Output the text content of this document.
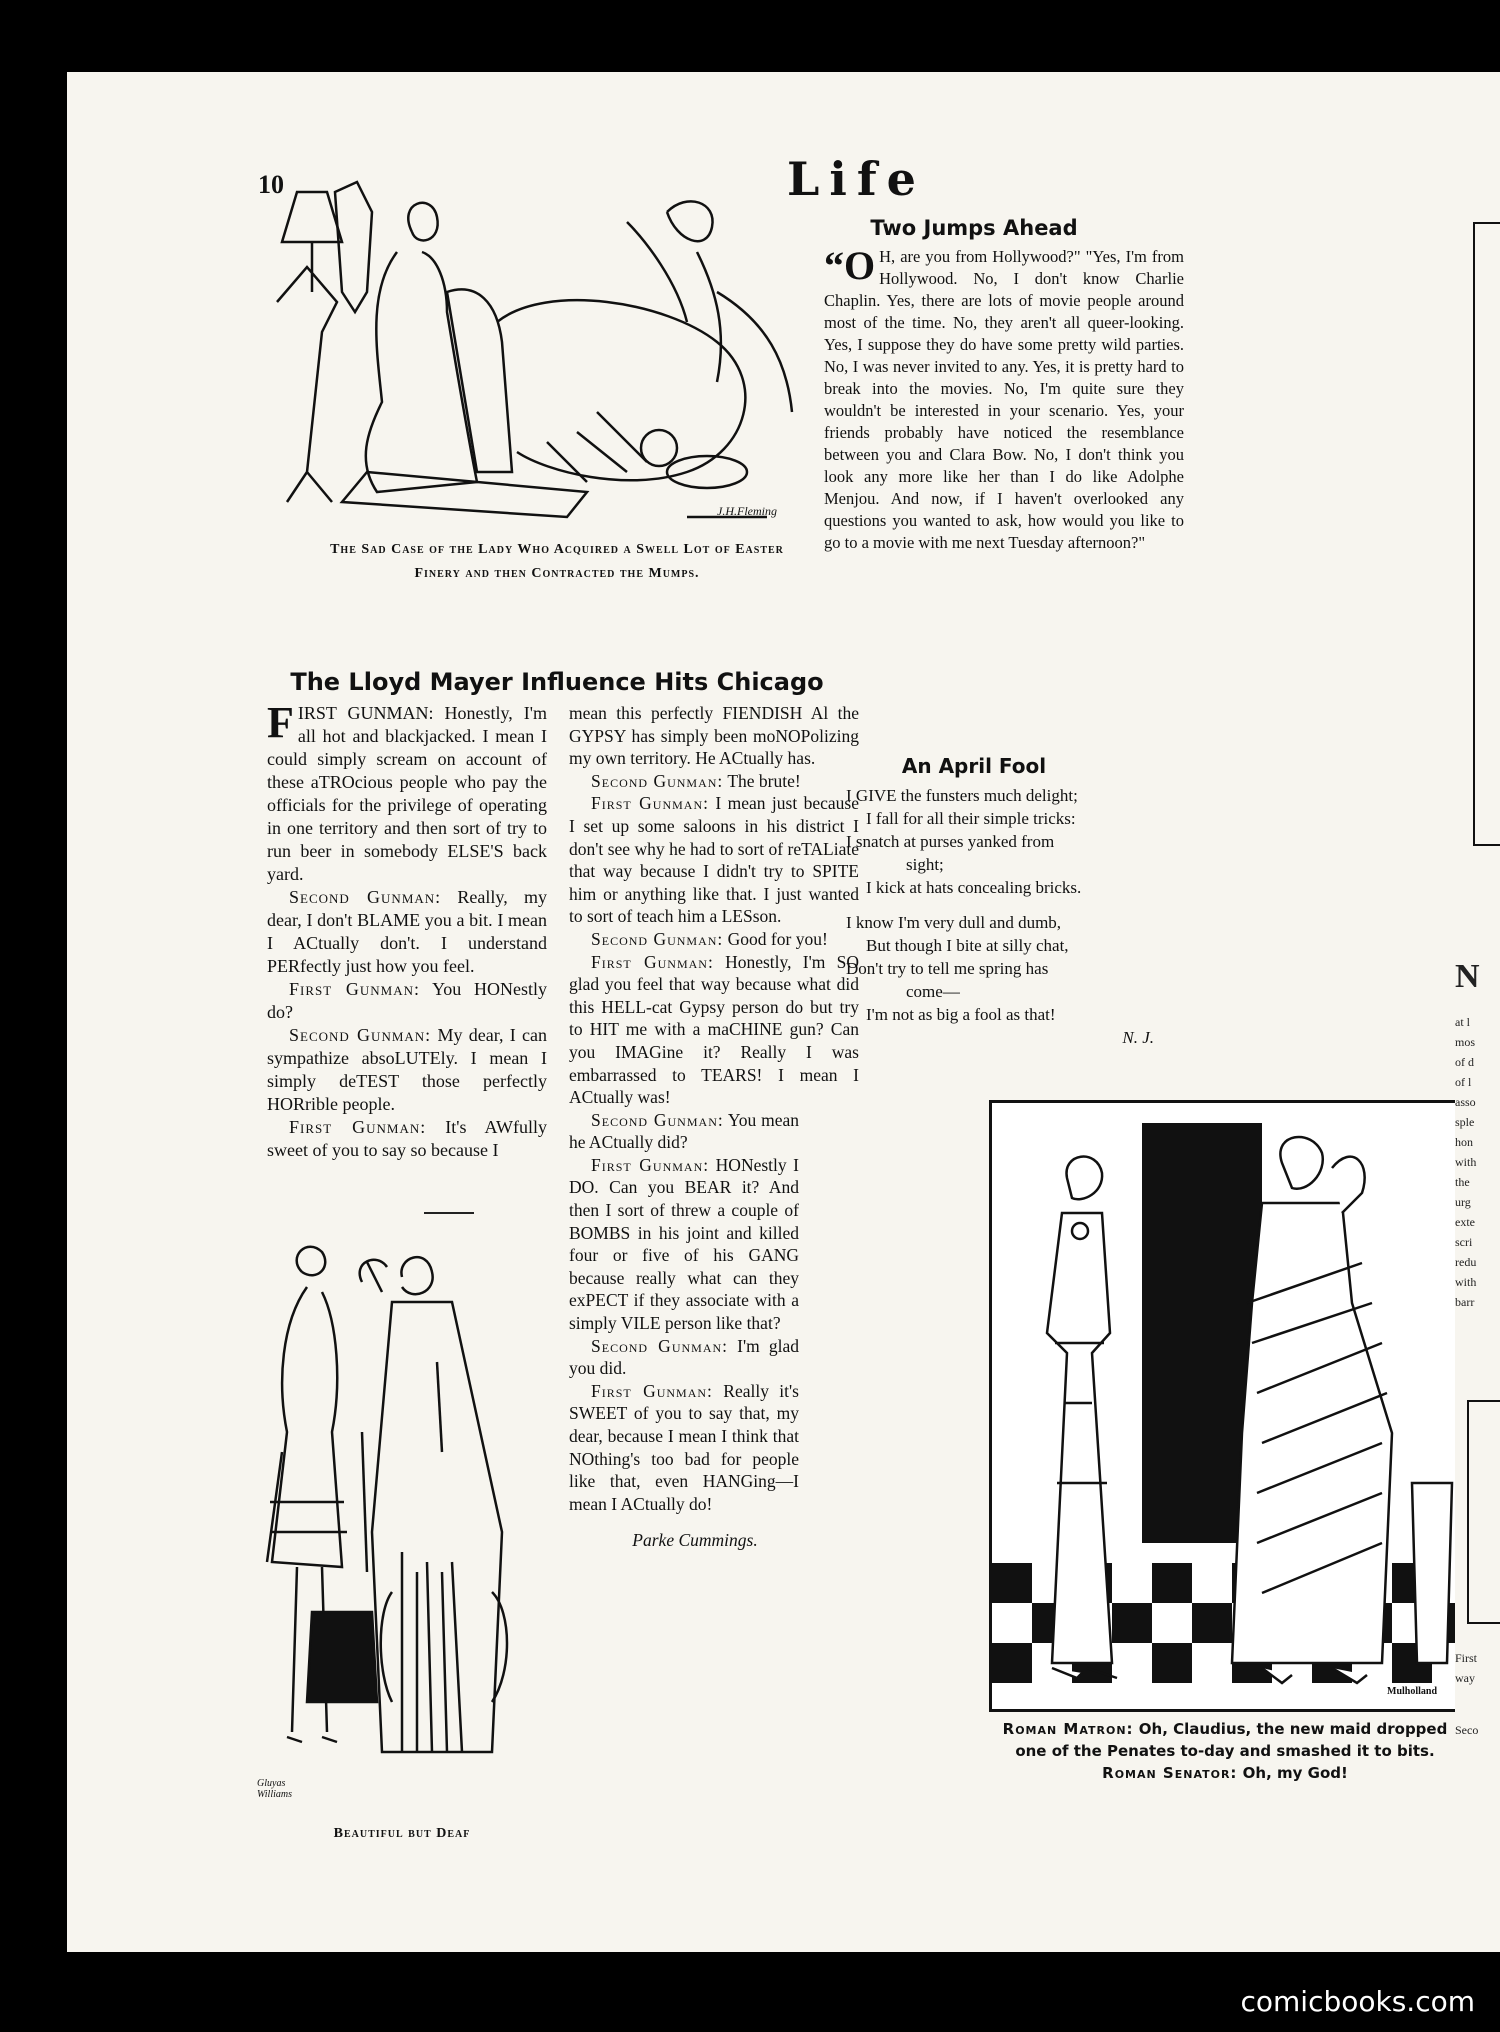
10	Life
J.H.Fleming
The Sad Case of the Lady Who Acquired a Swell Lot of Easter
Finery and then Contracted the Mumps.
Two Jumps Ahead
“O H, are you from Hollywood?" "Yes, I'm from Hollywood. No, I don't know Charlie Chaplin. Yes, there are lots of movie people around most of the time. No, they aren't all queer-looking. Yes, I suppose they do have some pretty wild parties. No, I was never invited to any. Yes, it is pretty hard to break into the movies. No, I'm quite sure they wouldn't be interested in your scenario. Yes, your friends probably have noticed the resemblance between you and Clara Bow. No, I don't think you look any more like her than I do like Adolphe Menjou. And now, if I haven't overlooked any questions you wanted to ask, how would you like to go to a movie with me next Tuesday afternoon?"
An April Fool

I GIVE the funsters much delight;

I fall for all their simple tricks:

I snatch at purses yanked from

sight;

I kick at hats concealing bricks.

I know I'm very dull and dumb,

But though I bite at silly chat,

Don't try to tell me spring has

come—

I'm not as big a fool as that!

N. J.

The Lloyd Mayer Influence Hits Chicago

FIRST GUNMAN: Honestly, I'm all hot and blackjacked. I mean I could simply scream on account of these aTROcious people who pay the officials for the privilege of operating in one territory and then sort of try to run beer in somebody ELSE'S back yard.

Second Gunman: Really, my dear, I don't BLAME you a bit. I mean I ACtually don't. I understand PERfectly just how you feel.

First Gunman: You HONestly do?

Second Gunman: My dear, I can sympathize absoLUTEly. I mean I simply deTEST those perfectly HORrible people.

First Gunman: It's AWfully sweet of you to say so because I

mean this perfectly FIENDISH Al the GYPSY has simply been moNOPolizing my own territory. He ACtually has.

Second Gunman: The brute!

First Gunman: I mean just because I set up some saloons in his district I don't see why he had to sort of reTALiate that way because I didn't try to SPITE him or anything like that. I just wanted to sort of teach him a LESson.

Second Gunman: Good for you!

First Gunman: Honestly, I'm SO glad you feel that way because what did this HELL-cat Gypsy person do but try to HIT me with a maCHINE gun? Can you IMAGine it? Really I was embarrassed to TEARS! I mean I ACtually was!

Second Gunman: You mean he ACtually did?

First Gunman: HONestly I DO. Can you BEAR it? And then I sort of threw a couple of BOMBS in his joint and killed four or five of his GANG because really what can they exPECT if they associate with a simply VILE person like that?

Second Gunman: I'm glad you did.

First Gunman: Really it's SWEET of you to say that, my dear, because I mean I think that NOthing's too bad for people like that, even HANGing—I mean I ACtually do!

Parke Cummings.

Gluyas Williams
Beautiful but Deaf
Mulholland
Roman Matron: Oh, Claudius, the new maid dropped one of the Penates to-day and smashed it to bits.
Roman Senator: Oh, my God!
N
at l
mos
of d
of l
asso
sple
hon
with
the
urg
exte
scri
redu
with
barr
First
way
Seco
comicbooks.com
